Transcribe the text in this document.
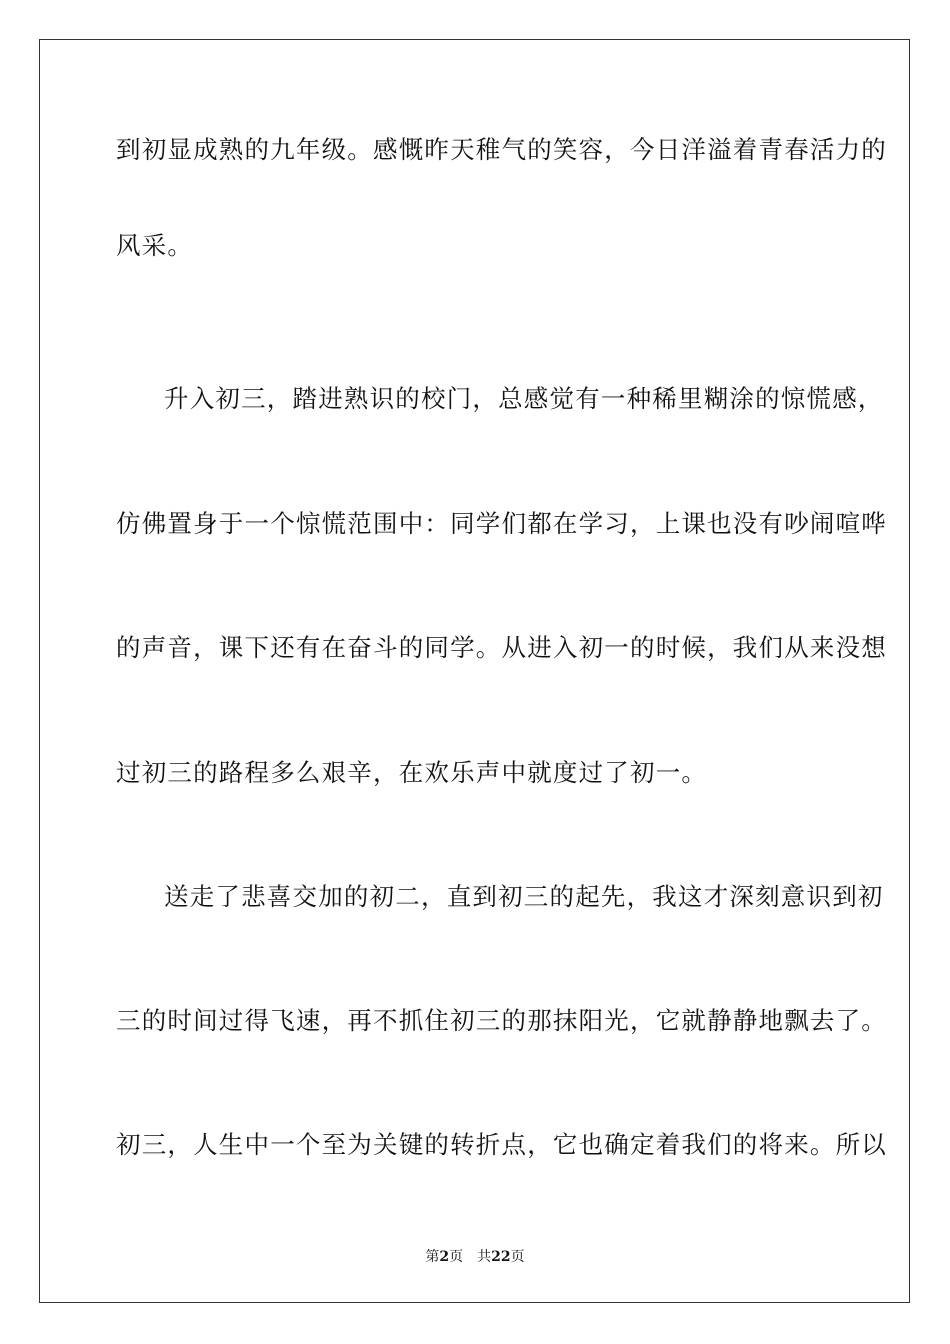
到初显成熟的九年级。感慨昨天稚气的笑容，今日洋溢着青春活力的
风采。
升入初三，踏进熟识的校门，总感觉有一种稀里糊涂的惊慌感，
仿佛置身于一个惊慌范围中：同学们都在学习，上课也没有吵闹喧哗
的声音，课下还有在奋斗的同学。从进入初一的时候，我们从来没想
过初三的路程多么艰辛，在欢乐声中就度过了初一。
送走了悲喜交加的初二，直到初三的起先，我这才深刻意识到初
三的时间过得飞速，再不抓住初三的那抹阳光，它就静静地飘去了。
初三，人生中一个至为关键的转折点，它也确定着我们的将来。所以
第2页 共22页
